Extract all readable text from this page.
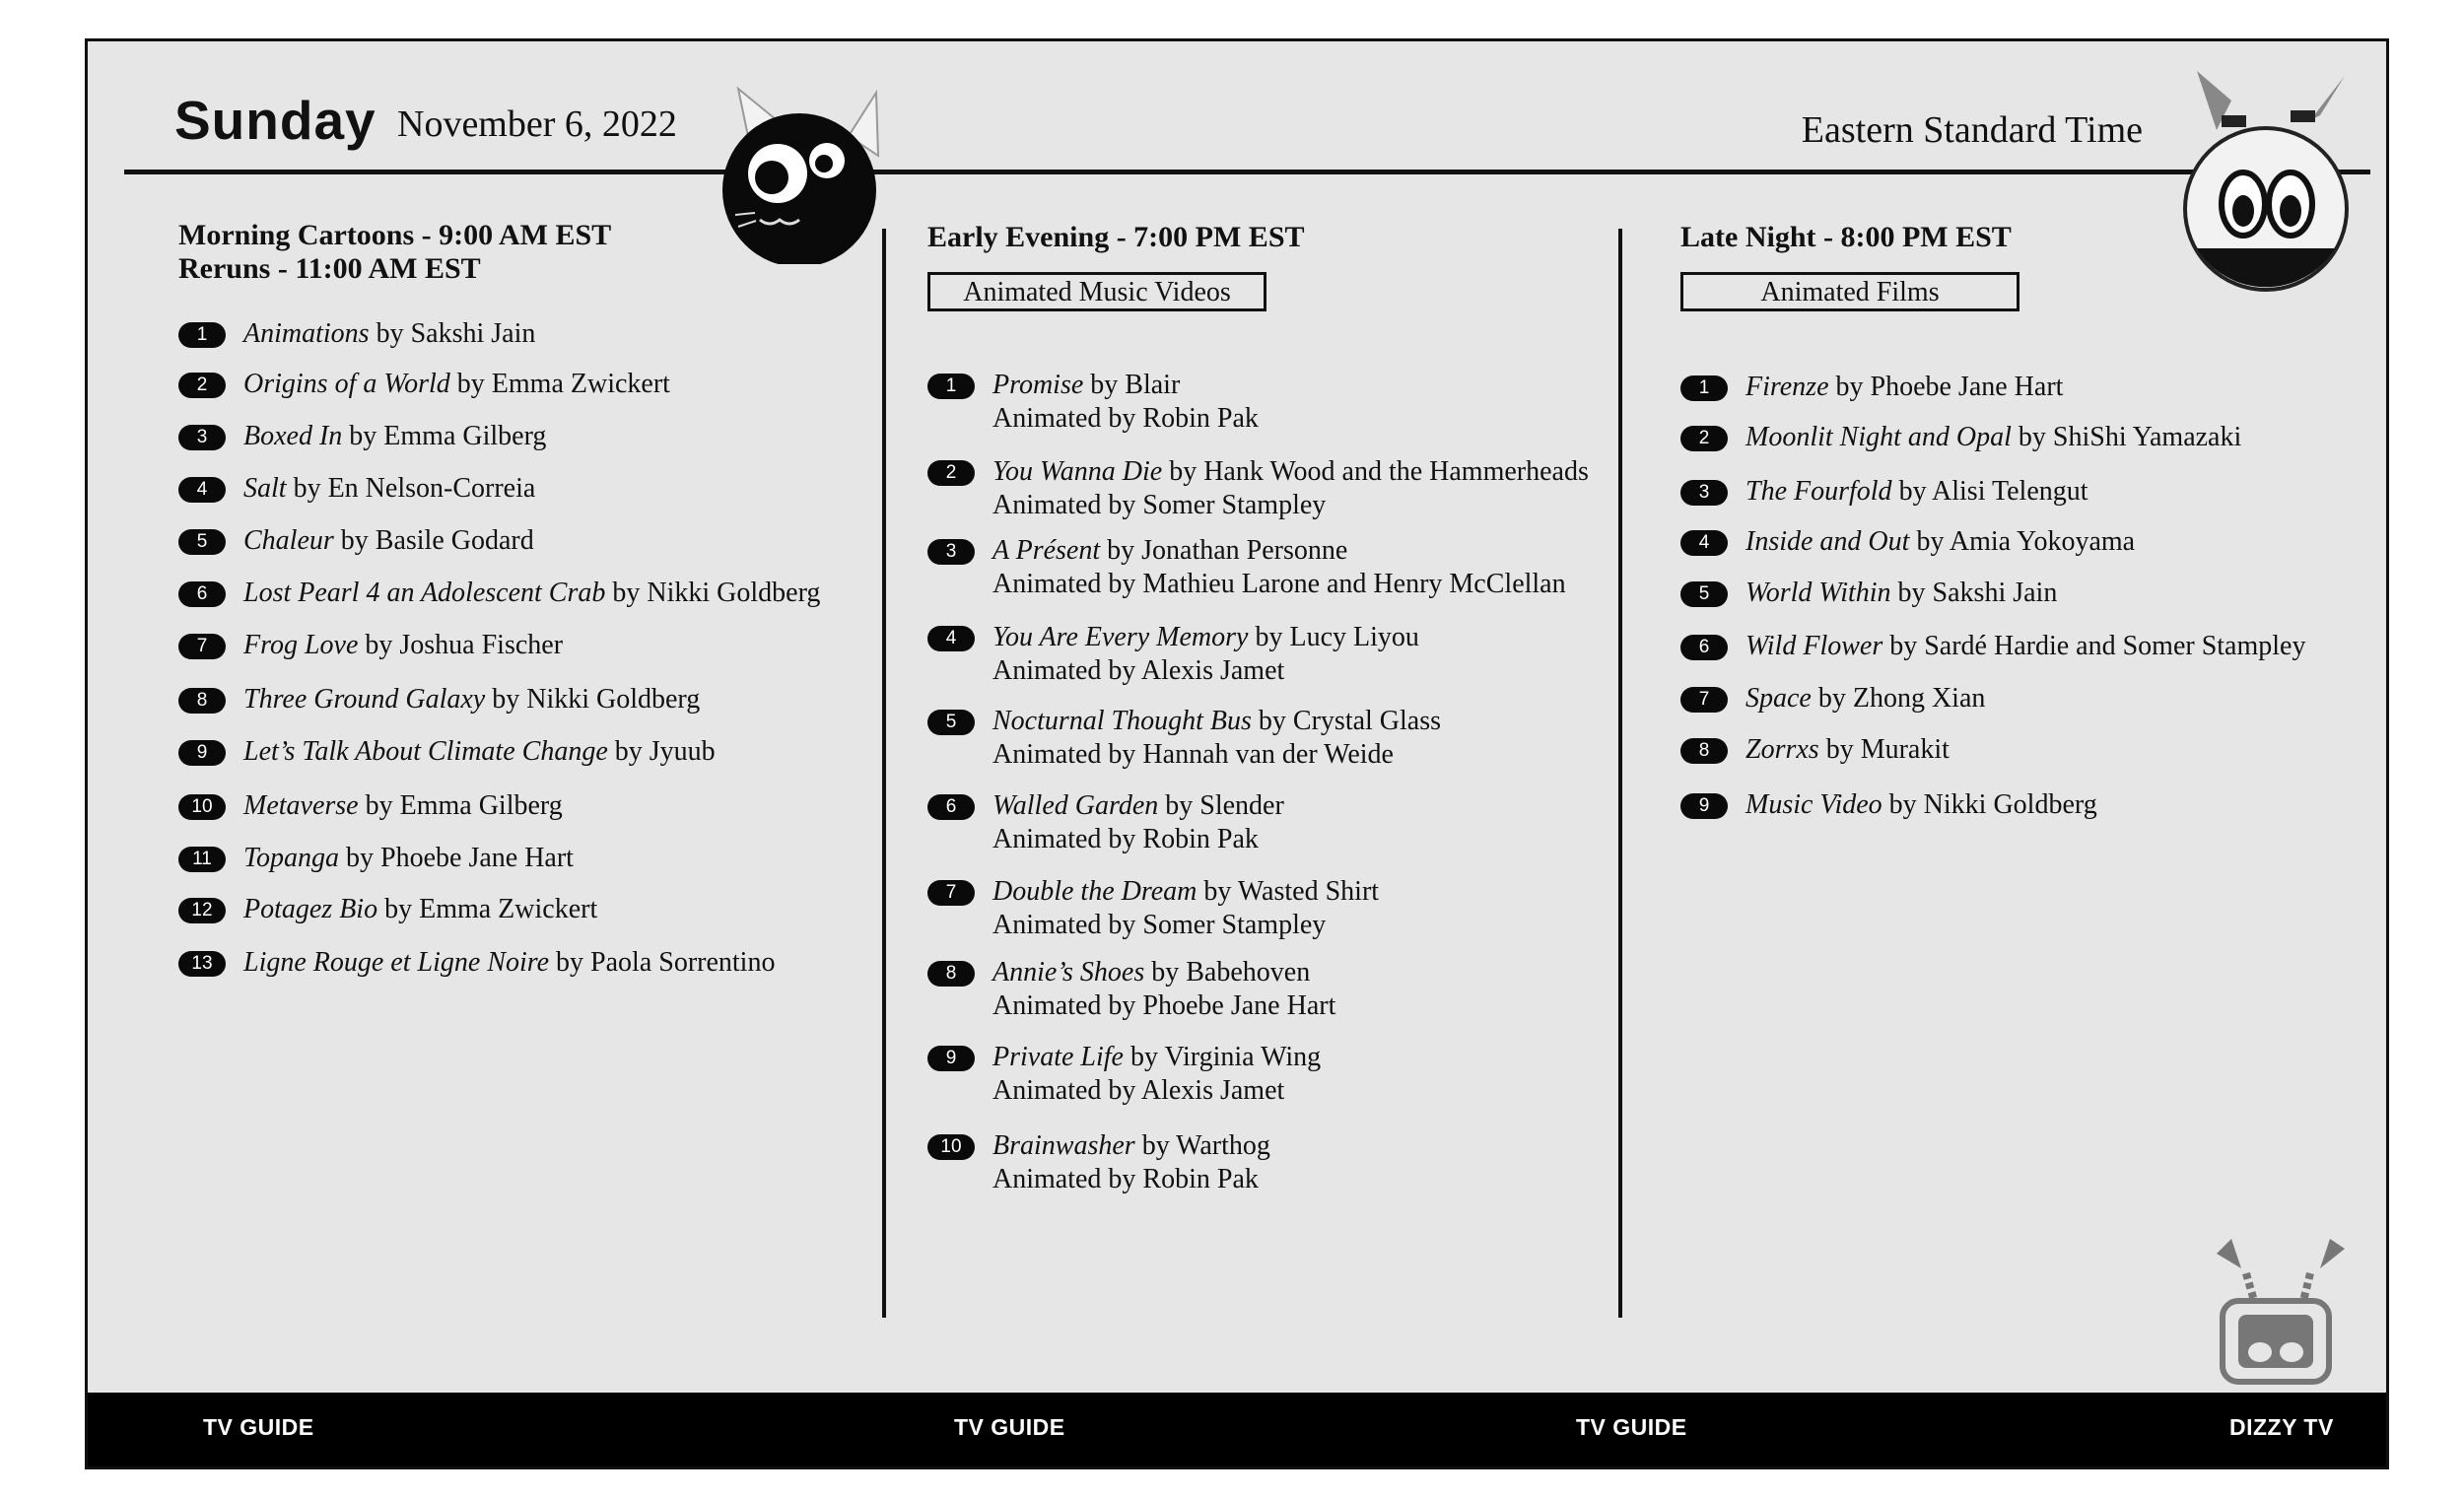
Sunday November 6, 2022	Eastern Standard Time
Morning Cartoons - 9:00 AM EST
Reruns - 11:00 AM EST
1	Animations by Sakshi Jain
2	Origins of a World by Emma Zwickert
3	Boxed In by Emma Gilberg
4	Salt by En Nelson-Correia
5	Chaleur by Basile Godard
6	Lost Pearl 4 an Adolescent Crab by Nikki Goldberg
7	Frog Love by Joshua Fischer
8	Three Ground Galaxy by Nikki Goldberg
9	Let’s Talk About Climate Change by Jyuub
10	Metaverse by Emma Gilberg
11	Topanga by Phoebe Jane Hart
12	Potagez Bio by Emma Zwickert
13	Ligne Rouge et Ligne Noire by Paola Sorrentino
Early Evening - 7:00 PM EST
Animated Music Videos
1	Promise by Blair
Animated by Robin Pak
2	You Wanna Die by Hank Wood and the Hammerheads
Animated by Somer Stampley
3	A Présent by Jonathan Personne
Animated by Mathieu Larone and Henry McClellan
4	You Are Every Memory by Lucy Liyou
Animated by Alexis Jamet
5	Nocturnal Thought Bus by Crystal Glass
Animated by Hannah van der Weide
6	Walled Garden by Slender
Animated by Robin Pak
7	Double the Dream by Wasted Shirt
Animated by Somer Stampley
8	Annie’s Shoes by Babehoven
Animated by Phoebe Jane Hart
9	Private Life by Virginia Wing
Animated by Alexis Jamet
10	Brainwasher by Warthog
Animated by Robin Pak
Late Night - 8:00 PM EST
Animated Films
1	Firenze by Phoebe Jane Hart
2	Moonlit Night and Opal by ShiShi Yamazaki
3	The Fourfold by Alisi Telengut
4	Inside and Out by Amia Yokoyama
5	World Within by Sakshi Jain
6	Wild Flower by Sardé Hardie and Somer Stampley
7	Space by Zhong Xian
8	Zorrxs by Murakit
9	Music Video by Nikki Goldberg
TV GUIDE	TV GUIDE	TV GUIDE	DIZZY TV
